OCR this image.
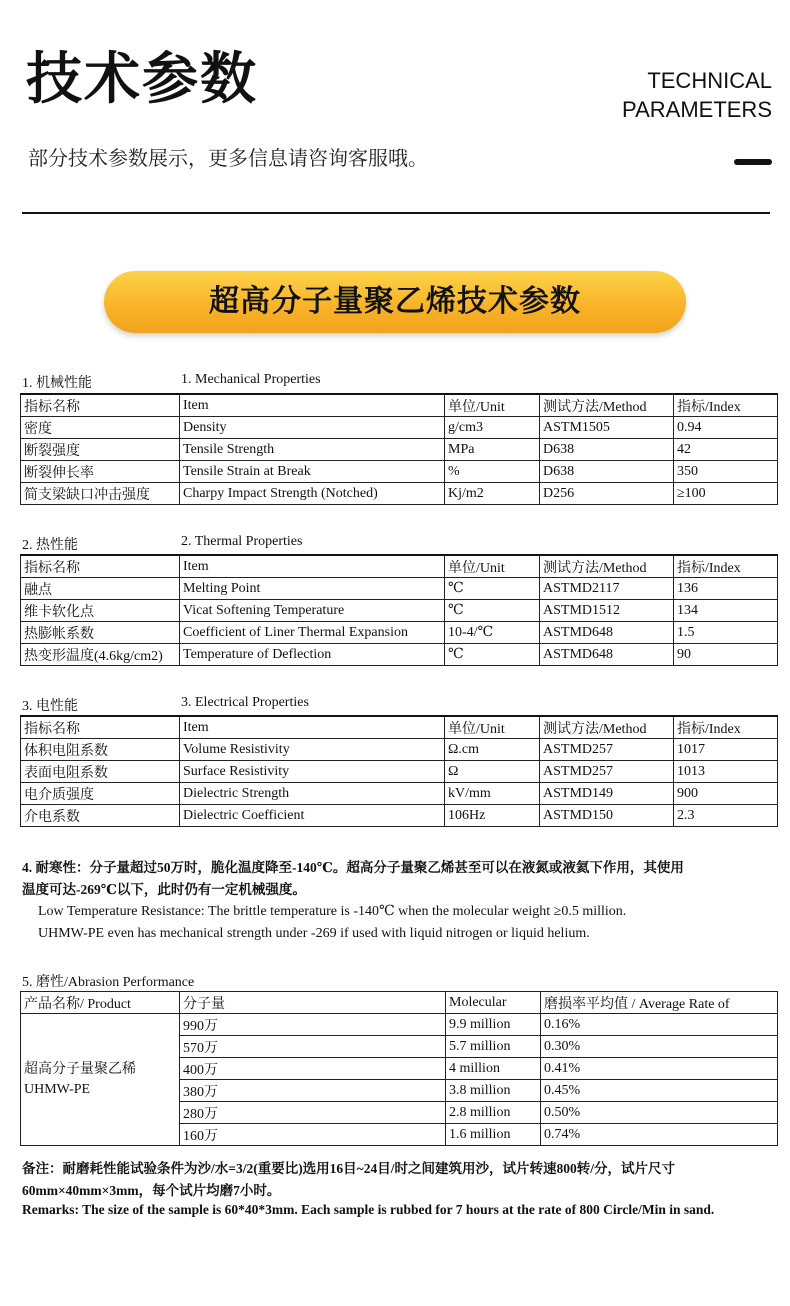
技术参数	TECHNICAL
PARAMETERS
部分技术参数展示，更多信息请咨询客服哦。
超高分子量聚乙烯技术参数
1. 机械性能	1. Mechanical Properties
指标名称	Item	单位/Unit	测试方法/Method	指标/Index
密度	Density	g/cm3	ASTM1505	0.94
断裂强度	Tensile Strength	MPa	D638	42
断裂伸长率	Tensile Strain at Break	%	D638	350
简支梁缺口冲击强度	Charpy Impact Strength (Notched)	Kj/m2	D256	≥100
2. 热性能	2. Thermal Properties
指标名称	Item	单位/Unit	测试方法/Method	指标/Index
融点	Melting Point	℃	ASTMD2117	136
维卡软化点	Vicat Softening Temperature	℃	ASTMD1512	134
热膨帐系数	Coefficient of Liner Thermal Expansion	10-4/℃	ASTMD648	1.5
热变形温度(4.6kg/cm2)	Temperature of Deflection	℃	ASTMD648	90
3. 电性能	3. Electrical Properties
指标名称	Item	单位/Unit	测试方法/Method	指标/Index
体积电阻系数	Volume Resistivity	Ω.cm	ASTMD257	1017
表面电阻系数	Surface Resistivity	Ω	ASTMD257	1013
电介质强度	Dielectric Strength	kV/mm	ASTMD149	900
介电系数	Dielectric Coefficient	106Hz	ASTMD150	2.3
4. 耐寒性：分子量超过50万时，脆化温度降至-140℃。超高分子量聚乙烯甚至可以在液氮或液氦下作用，其使用
温度可达-269℃以下，此时仍有一定机械强度。
Low Temperature Resistance: The brittle temperature is -140℃ when the molecular weight ≥0.5 million.
UHMW-PE even has mechanical strength under -269 if used with liquid nitrogen or liquid helium.
5. 磨性/Abrasion Performance
产品名称/ Product	分子量	Molecular	磨损率平均值 / Average Rate of

超高分子量聚乙稀
UHMW-PE	990万	9.9 million	0.16%
	570万	5.7 million	0.30%
	400万	4 million	0.41%
	380万	3.8 million	0.45%
	280万	2.8 million	0.50%
	160万	1.6 million	0.74%
备注：耐磨耗性能试验条件为沙/水=3/2(重要比)选用16目~24目/时之间建筑用沙，试片转速800转/分，试片尺寸
60mm×40mm×3mm，每个试片均磨7小时。
Remarks: The size of the sample is 60*40*3mm. Each sample is rubbed for 7 hours at the rate of 800 Circle/Min in sand.
